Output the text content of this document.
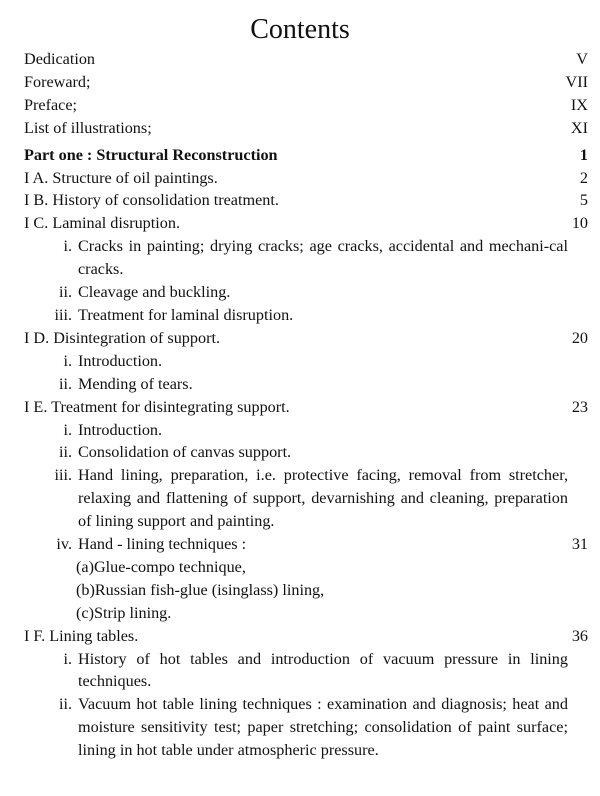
Contents
Dedication	V
Foreward;	VII
Preface;	IX
List of illustrations;	XI
Part one : Structural Reconstruction	1
I A. Structure of oil paintings.	2
I B. History of consolidation treatment.	5
I C. Laminal disruption.	10
i. Cracks in painting; drying cracks; age cracks, accidental and mechani-cal cracks.
ii. Cleavage and buckling.
iii. Treatment for laminal disruption.
I D. Disintegration of support.	20
i. Introduction.
ii. Mending of tears.
I E. Treatment for disintegrating support.	23
i. Introduction.
ii. Consolidation of canvas support.
iii. Hand lining, preparation, i.e. protective facing, removal from stretcher, relaxing and flattening of support, devarnishing and cleaning, preparation of lining support and painting.
iv. Hand - lining techniques :	31
(a) Glue-compo technique,
(b) Russian fish-glue (isinglass) lining,
(c) Strip lining.
I F. Lining tables.	36
i. History of hot tables and introduction of vacuum pressure in lining techniques.
ii. Vacuum hot table lining techniques : examination and diagnosis; heat and moisture sensitivity test; paper stretching; consolidation of paint surface; lining in hot table under atmospheric pressure.
